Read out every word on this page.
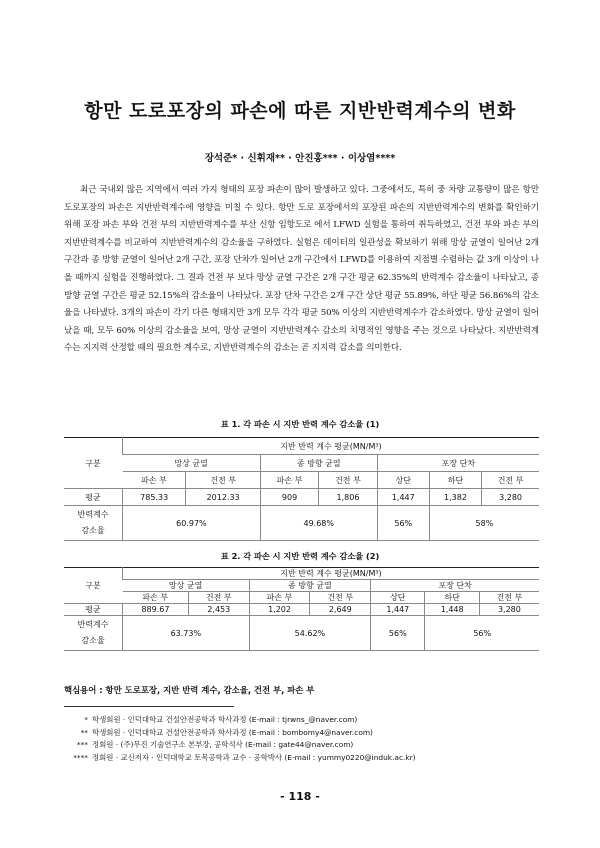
항만 도로포장의 파손에 따른 지반반력계수의 변화
장석준* · 신휘재** · 안진홍*** · 이상염****

최근 국내외 많은 지역에서 여러 가지 형태의 포장 파손이 많이 발생하고 있다. 그중에서도, 특히 중 차량 교통량이 많은 항만 도로포장의 파손은 지반반력계수에 영향을 미칠 수 있다. 항만 도로 포장에서의 포장된 파손의 지반반력계수의 변화를 확인하기 위해 포장 파손 부와 건전 부의 지반반력계수를 부산 신항 임항도로 에서 LFWD 실험을 통하여 취득하였고, 건전 부와 파손 부의 지반반력계수를 비교하여 지반반력계수의 감소율을 구하였다. 실험은 데이터의 일관성을 확보하기 위해 망상 균열이 일어난 2개 구간과 종 방향 균열이 일어난 2개 구간, 포장 단차가 일어난 2개 구간에서 LFWD를 이용하여 지점별 수렴하는 값 3개 이상이 나올 때까지 실험을 진행하였다. 그 결과 건전 부 보다 망상 균열 구간은 2개 구간 평균 62.35%의 반력계수 감소율이 나타났고, 종 방향 균열 구간은 평균 52.15%의 감소율이 나타났다. 포장 단차 구간은 2개 구간 상단 평균 55.89%, 하단 평균 56.86%의 감소율을 나타냈다. 3개의 파손이 각기 다른 형태지만 3개 모두 각각 평균 50% 이상의 지반반력계수가 감소하였다. 망상 균열이 일어났을 때, 모두 60% 이상의 감소율을 보여, 망상 균열이 지반반력계수 감소의 치명적인 영향을 주는 것으로 나타났다. 지반반력계수는 지지력 산정할 때의 필요한 계수로, 지반반력계수의 감소는 곧 지지력 감소를 의미한다.

표 1. 각 파손 시 지반 반력 계수 감소율 (1)
구분	지반 반력 계수 평균(MN/M³)						
	망상 균열		종 방향 균열		포장 단차		
	파손 부	건전 부	파손 부	건전 부	상단	하단	건전 부
평균	785.33	2012.33	909	1,806	1,447	1,382	3,280
반력계수
감소율	60.97%		49.68%		56%	58%	
표 2. 각 파손 시 지반 반력 계수 감소율 (2)
구분	지반 반력 계수 평균(MN/M³)						
	망상 균열		종 방향 균열		포장 단차		
	파손 부	건전 부	파손 부	건전 부	상단	하단	건전 부
평균	889.67	2,453	1,202	2,649	1,447	1,448	3,280
반력계수
감소율	63.73%		54.62%		56%	56%	
핵심용어 : 항만 도로포장, 지반 반력 계수, 감소율, 건전 부, 파손 부
* 학생회원 · 인덕대학교 건설안전공학과 학사과정 (E-mail : tjrwns_@naver.com)
** 학생회원 · 인덕대학교 건설안전공학과 학사과정 (E-mail : bombomy4@naver.com)
*** 정회원 · (주)무진 기술연구소 본부장, 공학석사 (E-mail : gate44@naver.com)
**** 정회원 · 교신저자 · 인덕대학교 토목공학과 교수 · 공학박사 (E-mail : yummy0220@induk.ac.kr)
- 118 -
